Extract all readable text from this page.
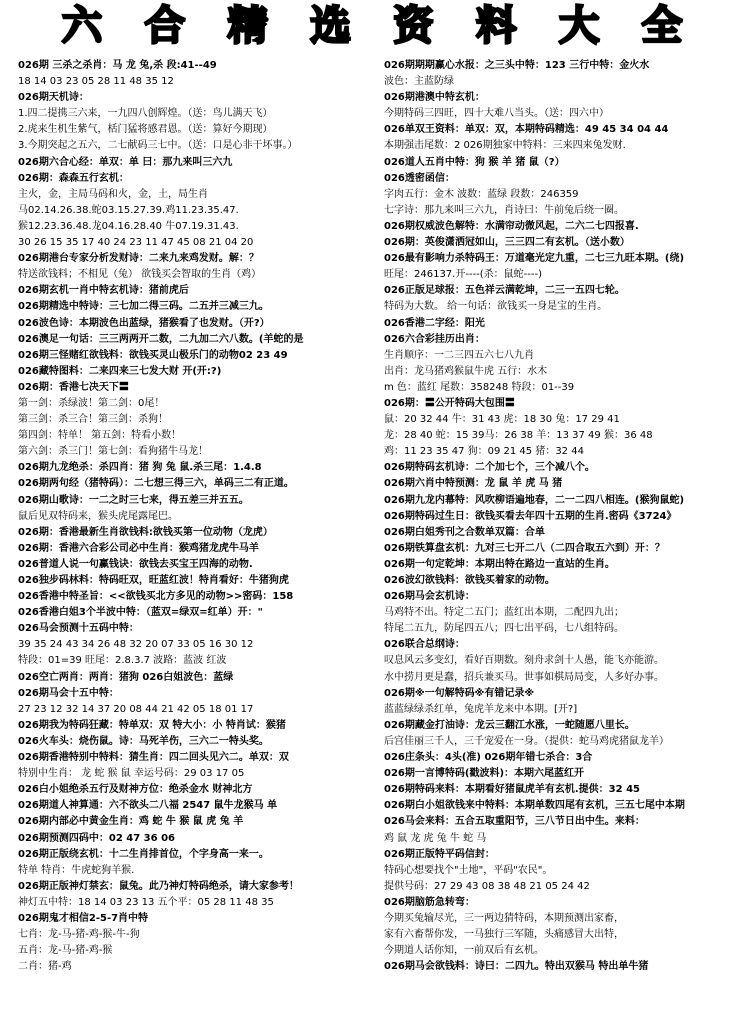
六 合 精 选 资 料 大 全
026期 三杀之杀肖：马 龙 兔,杀 段:41--49
18 14 03 23 05 28 11 48 35 12
026期天机诗：
1.四二提携三六来，一九四八创辉煌。（送：鸟儿满天飞）
2.虎来生机生紫气，栝门猛将感君恩。（送：算好今期现）
3.今期突起之五六，二七献码三七中。（送：口是心非干坏事。）
026期六合心经：单双：单 曰：那九来叫三六九
026期：森森五行玄机：
主火，金，主局马码和火，金，土，局生肖
马02.14.26.38.蛇03.15.27.39.鸡11.23.35.47.
猴12.23.36.48.龙04.16.28.40 牛07.19.31.43.
30 26 15 35 17 40 24 23 11 47 45 08 21 04 20
026期港台专家分析发财诗：二来九来鸡发财。解：？
特送欲钱料；不相见（兔） 欲钱买会智取的生肖（鸡）
026期玄机一肖中特玄机诗：猪前虎后
026期精选中特诗：三七加二得三码。二五并三减三九。
026波色诗：本期波色出蓝绿，猪猴看了也发财。（开?）
026澳足一句话：三三两两开二数，二九加二六八数。(羊蛇的是
026期三怪赌红欲钱料：欲钱买灵山极乐门的动物02 23 49
026藏特图料：二来四来三七发大财 开(开:?)
026期：香港七决天下〓
第一剑：杀绿波！第二剑：0尾！
第三剑：杀三合！第三剑：杀狗！
第四剑：特单！ 第五剑：特看小数！
第六剑：杀三门！第七剑：看狗猪牛马龙！
026期九龙绝杀：杀四肖：猪 狗 兔 鼠.杀三尾：1.4.8
026期两句经（猪特码）：二七想三得三六，单码三二有正道。
026期山歌诗：一二之时三七来，得五差三并五五。
鼠后见双特码来，猴头虎尾露尾巴。
026期：香港最新生肖欲钱料:欲钱买第一位动物（龙虎）
026期：香港六合彩公司必中生肖：猴鸡猪龙虎牛马羊
026普道人说一句赢钱诀：欲钱去买宝王四海的动物.
026独步码林料：特码旺双，旺蓝红波！特肖看好：牛猪狗虎
026香港中特圣旨：<<欲钱买北方多见的动物>>密码：158
026香港白姐3个半波中特：（蓝双=绿双=红单）开："
026马会预测十五码中特：
39 35 24 43 34 26 48 32 20 07 33 05 16 30 12
特段：01=39 旺尾：2.8.3.7 波路：蓝波 红波
026空亡两肖：两肖：猪狗 026白姐波色：蓝绿
026期马会十五中特：
27 23 12 32 14 37 20 08 44 21 42 05 18 01 17
026期我为特码狂藏：特单双：双 特大小：小 特肖试：猴猪
026火车头：烧伤鼠。诗：马死羊伤，三六二一特头奖。
026期香港特别中特料：猜生肖：四二回头见六二。单双：双
特别中生肖： 龙 蛇 猴 鼠 幸运号码：29 03 17 05
026白小姐绝杀五行及财神方位：绝杀金水 财神北方
026期道人神算通：六不欲头二八福 2547 鼠牛龙猴马 单
026期内部必中黄金生肖：鸡 蛇 牛 猴 鼠 虎 兔 羊
026期预测四码中：02 47 36 06
026期正版绕玄机：十二生肖排首位，个字身高一来一。
特单 特肖：牛虎蛇狗羊猴.
026期正版神灯禁玄：鼠兔。此乃神灯特码绝杀，请大家参考！
神灯五中特：18 14 03 23 13 五个平：05 28 11 48 35
026期鬼才相信2-5-7肖中特
七肖：龙-马-猪-鸡-猴-牛-狗
五肖：龙-马-猪-鸡-猴
二肖：猪-鸡
026期期期赢心水报：之三头中特：123 三行中特：金火水
波色：主蓝防绿
026期港澳中特玄机：
今期特码三四旺，四十大难八当头。（送：四六中）
026单双王资料：单双：双，本期特码精选：49 45 34 04 44
本期强击尾数：2 026期独家中特料：三来四来兔发财.
026道人五肖中特：狗 猴 羊 猪 鼠（?）
026透密函信：
字肉五行：金木 波数：蓝绿 段数：246359
七字诗：那九来叫三六九，肖诗曰：牛前兔后绕一圈。
026期权威波色解特：水满帘动微风起，二六二七四报喜.
026期：英俊潇洒冠如山，三三四二有玄机。（送小数）
026最有影响力杀特码王：万道毫光定九重，二七三九旺本期。(绕)
旺尾：246137.开----(杀：鼠蛇----)
026正版足球报：五色祥云满乾坤，二三一五四七轮。
特码为大数。 给一句话：欲钱买一身是宝的生肖。
026香港二字经：阳光
026六合彩挂历出肖：
生肖顺序：一二三四五六七八九肖
出肖：龙马猪鸡猴鼠牛虎 五行：水木
m 色：蓝红 尾数：358248 特段：01--39
026期：〓公开特码大包围〓
鼠：20 32 44 牛：31 43 虎：18 30 兔：17 29 41
龙：28 40 蛇：15 39马：26 38 羊：13 37 49 猴：36 48
鸡：11 23 35 47 狗：09 21 45 猪：32 44
026期特码玄机诗：二个加七个，三个减八个。
026期六肖中特预测：龙 鼠 羊 虎 马 猪
026期九龙内幕特：风吹柳语遍地春，二一二四八相连。(猴狗鼠蛇)
026期特码过生日：欲钱买看去年四十五期的生肖.密码《3724》
026期白姐秀刊之合数单双篇：合单
026期铁算盘玄机：九对三七开二八（二四合取五六到）开：？
026期一句定乾坤：本期出特在路边一直站的生肖。
026波幻欲钱料：欲钱买着家的动物。
026期马会玄机诗：
马鸡特不出。特定二五门；蓝红出本期，二配四九出；
特尾二五九，防尾四五八；四七出平码，七八组特码。
026联合总纲诗：
叹息风云多变幻，看好百期数。刻舟求剑十人愚，能飞亦能游。
水中捞月更是蠢，招兵兼买马。世事如棋局局变，人多好办事。
026期※一句解特码※有错记录※
蓝蓝绿绿杀红单，兔虎羊龙来中本期。[开?]
026期藏金打油诗：龙云三翻江水涨，一蛇随愿八里长。
后宫佳丽三千人，三千宠爱在一身。（提供：蛇马鸡虎猪鼠龙羊）
026庄条头：4头(准) 026期年错七杀合：3合
026期一言博特码(戳波料)：本期六尾蓝红开
026期特码来料：本期看好猪鼠虎羊有玄机.提供：32 45
026期白小姐欲钱来中特料：本期单数四尾有玄机，三五七尾中本期
026马会来料：五合五取重阳节，三八节日出中生。来料：
鸡 鼠 龙 虎 兔 牛 蛇 马
026期正版特平码信封：
特码心想要找个"土地"，平码"农民"。
提供号码：27 29 43 08 38 48 21 05 24 42
026期脑筋急转弯：
今期买兔输尽光，三一两边猜特码，本期预测出家畜，
家有六畜帮你发，一马独行三军随，头痛感冒大出特，
今期道人话你知，一前双后有玄机。
026期马会欲钱料：诗曰：二四九。特出双猴马 特出单牛猪
